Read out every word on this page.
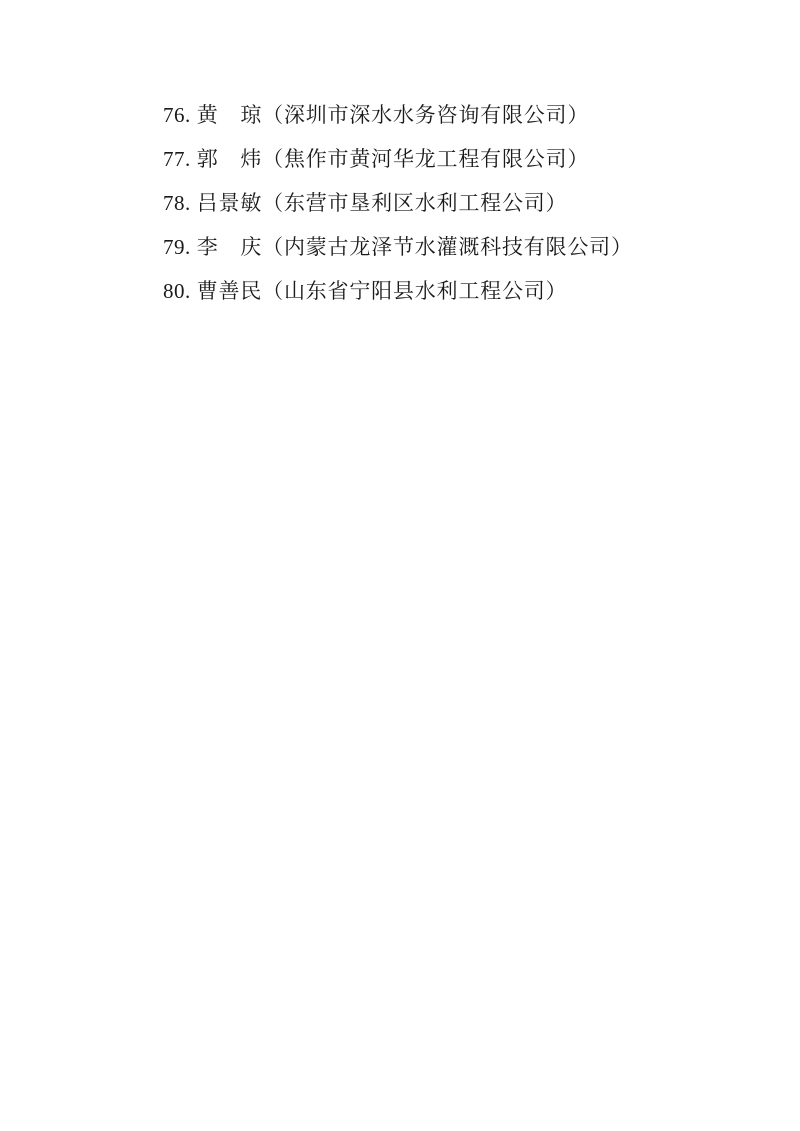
76. 黄　琼（深圳市深水水务咨询有限公司）
77. 郭　炜（焦作市黄河华龙工程有限公司）
78. 吕景敏（东营市垦利区水利工程公司）
79. 李　庆（内蒙古龙泽节水灌溉科技有限公司）
80. 曹善民（山东省宁阳县水利工程公司）
